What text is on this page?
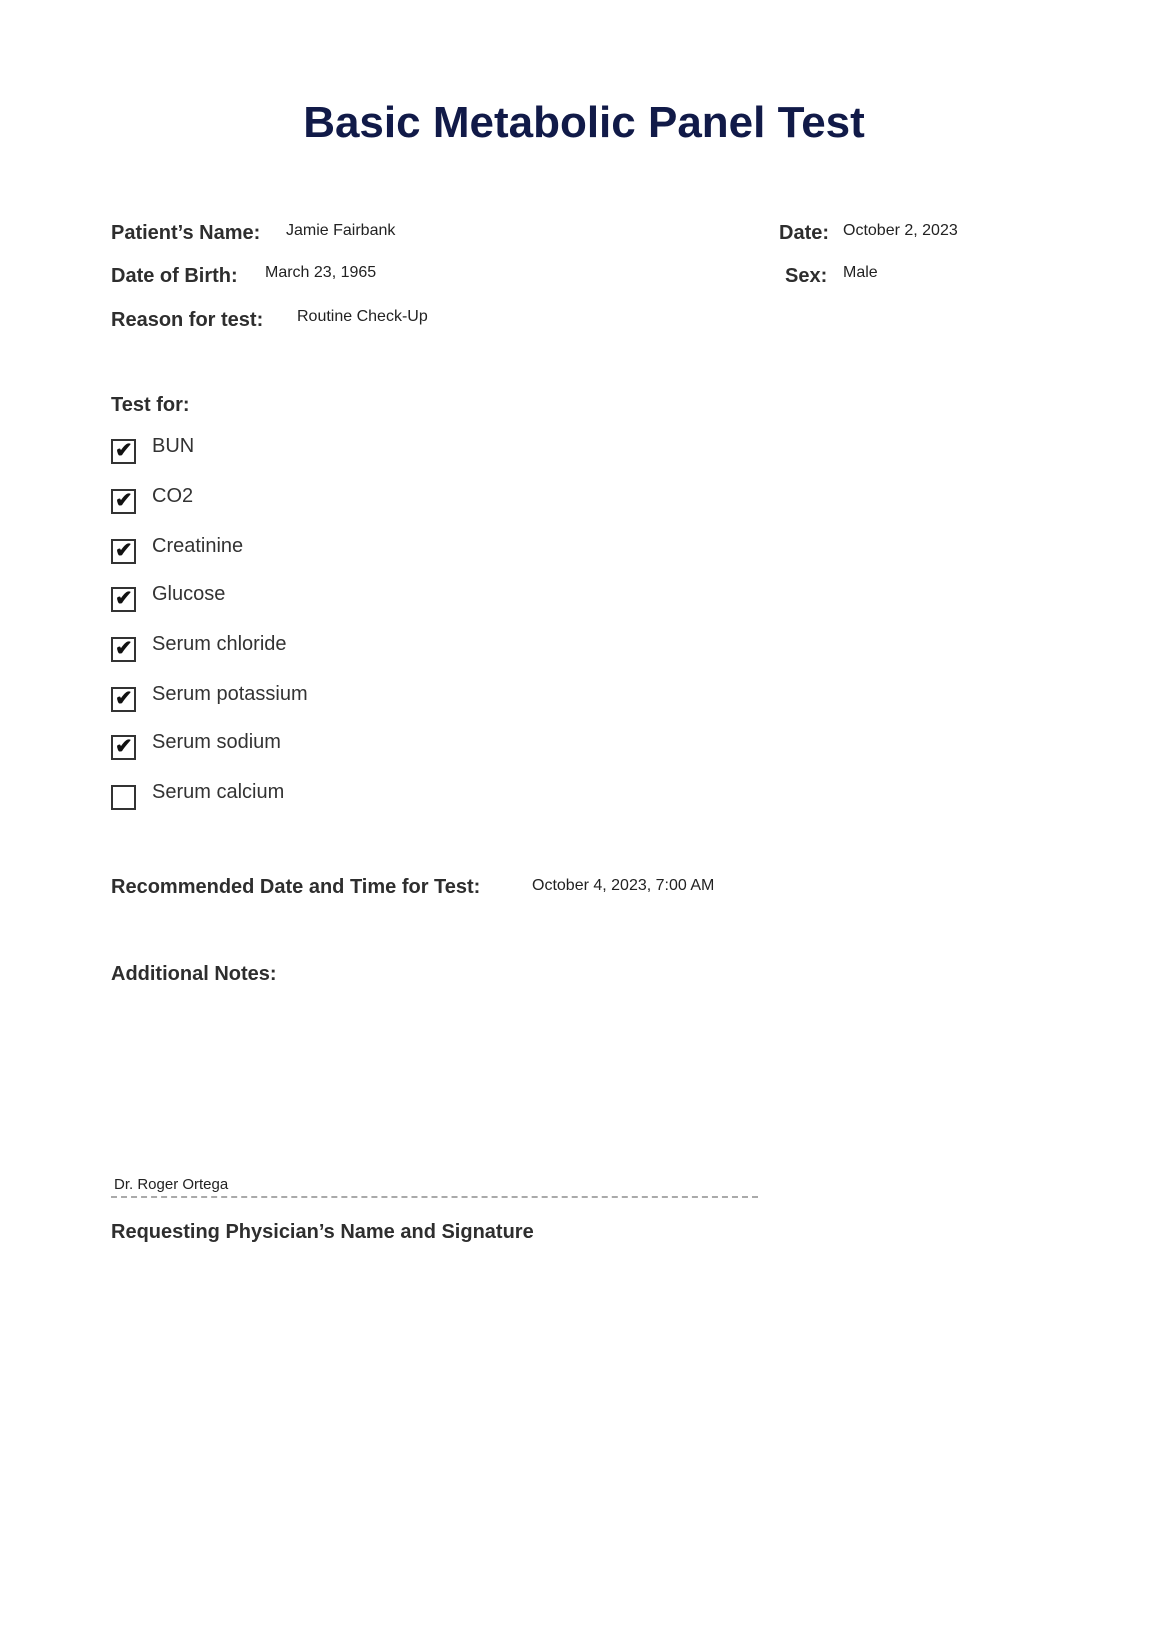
Basic Metabolic Panel Test
Patient’s Name: Jamie Fairbank	Date: October 2, 2023
Date of Birth: March 23, 1965	Sex: Male
Reason for test: Routine Check-Up
Test for:
✔ BUN
✔ CO2
✔ Creatinine
✔ Glucose
✔ Serum chloride
✔ Serum potassium
✔ Serum sodium
Serum calcium
Recommended Date and Time for Test:	October 4, 2023, 7:00 AM
Additional Notes:
Dr. Roger Ortega
Requesting Physician’s Name and Signature
